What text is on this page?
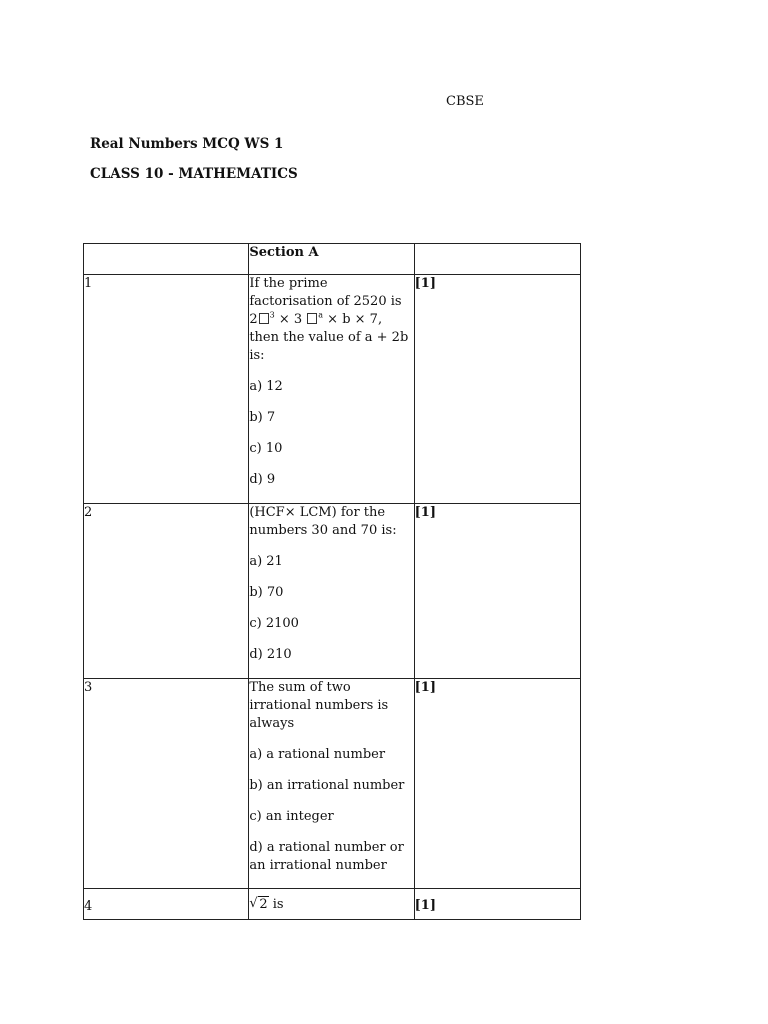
CBSE
Real Numbers MCQ WS 1
CLASS 10 - MATHEMATICS
	Section A	
1	If the prime factorisation of 2520 is 2 $^3$ × 3 $^a$ × b × 7, then the value of a + 2b is:

a) 12

b) 7

c) 10

d) 9	[1]
2	(HCF× LCM) for the numbers 30 and 70 is:

a) 21

b) 70

c) 2100

d) 210	[1]
3	The sum of two irrational numbers is always

a) a rational number

b) an irrational number

c) an integer

d) a rational number or an irrational number	[1]
4	√ 2 is	[1]
